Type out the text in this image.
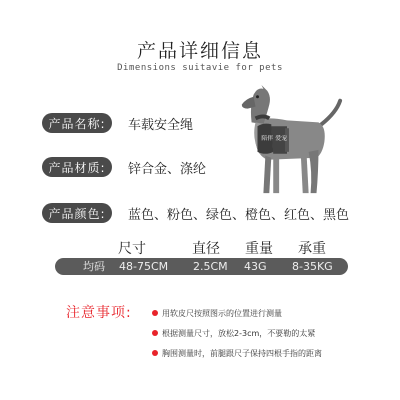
产品详细信息
Dimensions suitavie for pets
产品名称:	车载安全绳
产品材质:	锌合金、涤纶
产品颜色:	蓝色、粉色、绿色、橙色、红色、黑色
陪伴 爱宠
尺寸	直径 重量 承重
均码 48-75CM 2.5CM 43G 8-35KG
注意事项:	用软皮尺按照图示的位置进行测量
根据测量尺寸，放松2-3cm，不要勒的太紧
胸围测量时，前腿跟尺子保持四根手指的距离
